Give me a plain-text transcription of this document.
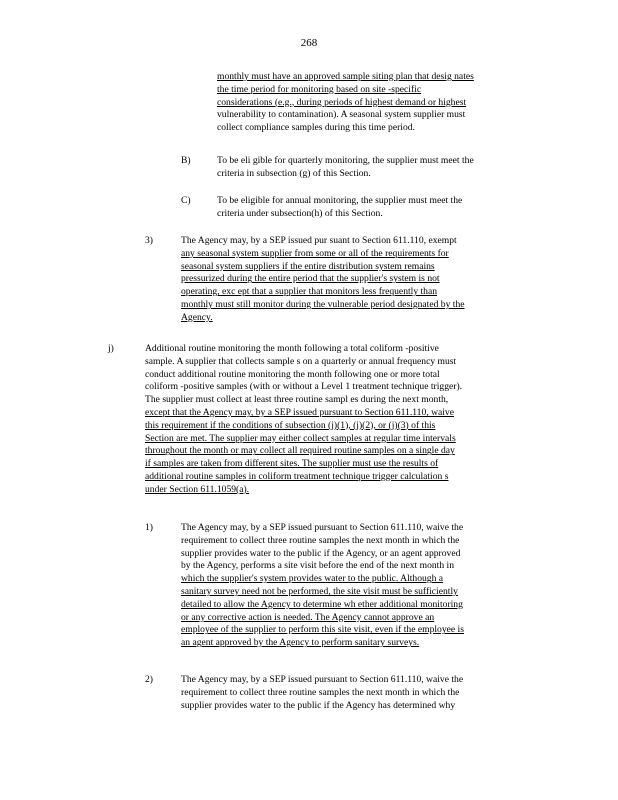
268
monthly must have an approved sample siting plan that desig nates
the time period for monitoring based on site -specific
considerations (e.g., during periods of highest demand or highest
vulnerability to contamination). A seasonal system supplier must
collect compliance samples during this time period.
B)	To be eli gible for quarterly monitoring, the supplier must meet the
criteria in subsection (g) of this Section.
C)	To be eligible for annual monitoring, the supplier must meet the
criteria under subsection(h) of this Section.
3)	The Agency may, by a SEP issued pur suant to Section 611.110, exempt
any seasonal system supplier from some or all of the requirements for
seasonal system suppliers if the entire distribution system remains
pressurized during the entire period that the supplier's system is not
operating, exc ept that a supplier that monitors less frequently than
monthly must still monitor during the vulnerable period designated by the
Agency.
j)	Additional routine monitoring the month following a total coliform -positive
sample. A supplier that collects sample s on a quarterly or annual frequency must
conduct additional routine monitoring the month following one or more total
coliform -positive samples (with or without a Level 1 treatment technique trigger).
The supplier must collect at least three routine sampl es during the next month,
except that the Agency may, by a SEP issued pursuant to Section 611.110, waive
this requirement if the conditions of subsection (j)(1), (j)(2), or (j)(3) of this
Section are met. The supplier may either collect samples at regular time intervals
throughout the month or may collect all required routine samples on a single day
if samples are taken from different sites. The supplier must use the results of
additional routine samples in coliform treatment technique trigger calculation s
under Section 611.1059(a).
1)	The Agency may, by a SEP issued pursuant to Section 611.110, waive the
requirement to collect three routine samples the next month in which the
supplier provides water to the public if the Agency, or an agent approved
by the Agency, performs a site visit before the end of the next month in
which the supplier's system provides water to the public. Although a
sanitary survey need not be performed, the site visit must be sufficiently
detailed to allow the Agency to determine wh ether additional monitoring
or any corrective action is needed. The Agency cannot approve an
employee of the supplier to perform this site visit, even if the employee is
an agent approved by the Agency to perform sanitary surveys.
2)	The Agency may, by a SEP issued pursuant to Section 611.110, waive the
requirement to collect three routine samples the next month in which the
supplier provides water to the public if the Agency has determined why
